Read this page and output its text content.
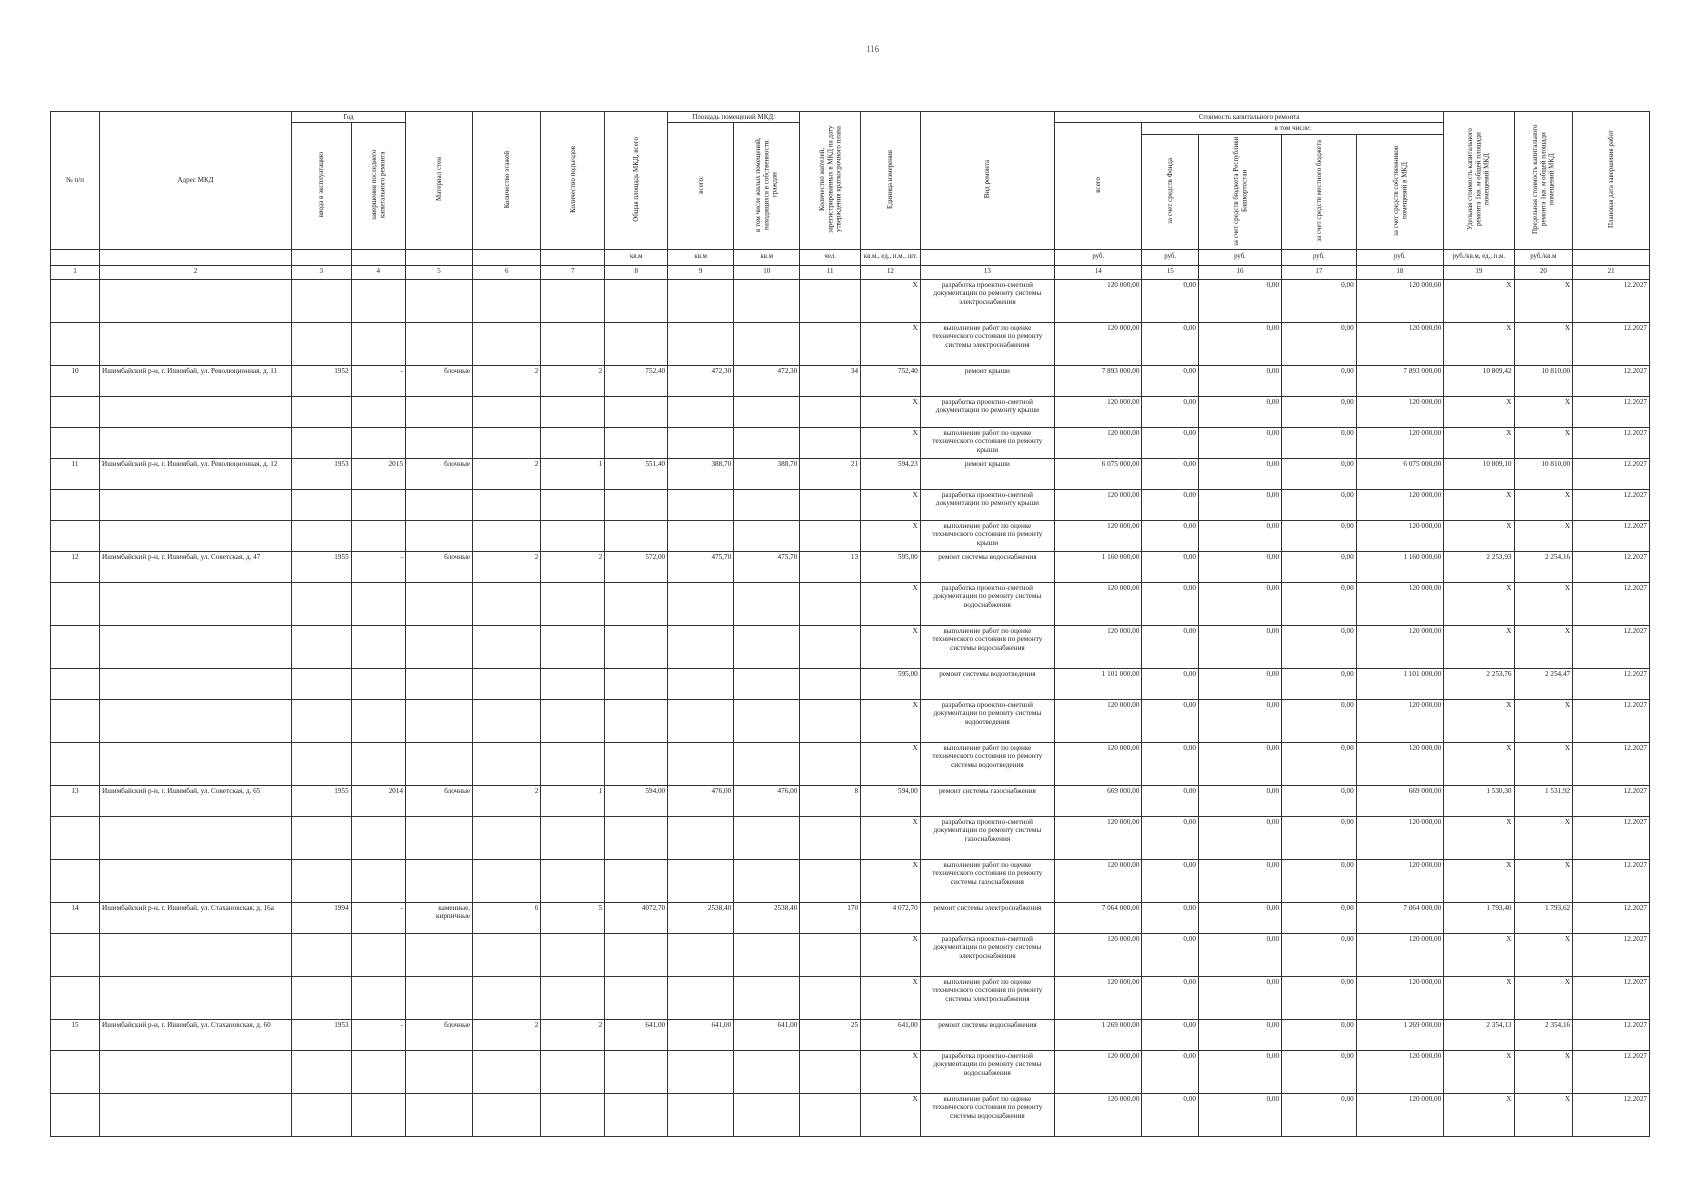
116
№ п/п	Адрес МКД	Год		Материал стен	Количество этажей	Количество подъездов	Общая площадь МКД, всего	Площадь помещений МКД:		Количество жителей, зарегистрированных в МКД на дату утверждения краткосрочного плана	Единица измерения	Вид ремонта	Стоимость капитального ремонта					Удельная стоимость капитального ремонта 1кв. м общей площади помещений МКД	Предельная стоимость капитального ремонта 1кв. м общей площади помещений МКД	Плановая дата завершения работ
		ввода в эксплуатацию	завершения последнего капитального ремонта					всего:	в том числе жилых помещений, находящихся в собственности граждан				всего	в том числе:						
														за счет средств Фонда	за счет средств бюджета Республики Башкортостан	за счет средств местного бюджета	за счет средств собственников помещений в МКД			
							кв.м	кв.м	кв.м	чел.	кв.м., ед., п.м., шт.		руб.	руб.	руб.	руб.	руб.	руб./кв.м, ед., п.м.	руб./кв.м	
1	2	3	4	5	6	7	8	9	10	11	12	13	14	15	16	17	18	19	20	21
											X	разработка проектно-сметной документации по ремонту системы электроснабжения	120 000,00	0,00	0,00	0,00	120 000,00	X	X	12.2027
											X	выполнение работ по оценке технического состояния по ремонту системы электроснабжения	120 000,00	0,00	0,00	0,00	120 000,00	X	X	12.2027
10	Ишимбайский р-н, г. Ишимбай, ул. Революционная, д. 11	1952	-	блочные	2	2	752,40	472,30	472,30	34	752,40	ремонт крыши	7 893 000,00	0,00	0,00	0,00	7 893 000,00	10 809,42	10 810,00	12.2027
											X	разработка проектно-сметной документации по ремонту крыши	120 000,00	0,00	0,00	0,00	120 000,00	X	X	12.2027
											X	выполнение работ по оценке технического состояния по ремонту крыши	120 000,00	0,00	0,00	0,00	120 000,00	X	X	12.2027
11	Ишимбайский р-н, г. Ишимбай, ул. Революционная, д. 12	1953	2015	блочные	2	1	551,40	388,70	388,70	21	594,23	ремонт крыши	6 075 000,00	0,00	0,00	0,00	6 075 000,00	10 809,10	10 810,00	12.2027
											X	разработка проектно-сметной документации по ремонту крыши	120 000,00	0,00	0,00	0,00	120 000,00	X	X	12.2027
											X	выполнение работ по оценке технического состояния по ремонту крыши	120 000,00	0,00	0,00	0,00	120 000,00	X	X	12.2027
12	Ишимбайский р-н, г. Ишимбай, ул. Советская, д. 47	1955	-	блочные	2	2	572,00	475,70	475,70	13	595,00	ремонт системы водоснабжения	1 160 000,00	0,00	0,00	0,00	1 160 000,00	2 253,93	2 254,16	12.2027
											X	разработка проектно-сметной документации по ремонту системы водоснабжения	120 000,00	0,00	0,00	0,00	120 000,00	X	X	12.2027
											X	выполнение работ по оценке технического состояния по ремонту системы водоснабжения	120 000,00	0,00	0,00	0,00	120 000,00	X	X	12.2027
											595,00	ремонт системы водоотведения	1 101 000,00	0,00	0,00	0,00	1 101 000,00	2 253,76	2 254,47	12.2027
											X	разработка проектно-сметной документации по ремонту системы водоотведения	120 000,00	0,00	0,00	0,00	120 000,00	X	X	12.2027
											X	выполнение работ по оценке технического состояния по ремонту системы водоотведения	120 000,00	0,00	0,00	0,00	120 000,00	X	X	12.2027
13	Ишимбайский р-н, г. Ишимбай, ул. Советская, д. 65	1955	2014	блочные	2	1	594,00	476,00	476,00	8	594,00	ремонт системы газоснабжения	669 000,00	0,00	0,00	0,00	669 000,00	1 530,30	1 531,92	12.2027
											X	разработка проектно-сметной документации по ремонту системы газоснабжения	120 000,00	0,00	0,00	0,00	120 000,00	X	X	12.2027
											X	выполнение работ по оценке технического состояния по ремонту системы газоснабжения	120 000,00	0,00	0,00	0,00	120 000,00	X	X	12.2027
14	Ишимбайский р-н, г. Ишимбай, ул. Стахановская, д. 16а	1994	-	каменные, кирпичные	6	5	4072,70	2538,40	2538,40	170	4 072,70	ремонт системы электроснабжения	7 064 000,00	0,00	0,00	0,00	7 064 000,00	1 793,40	1 793,62	12.2027
											X	разработка проектно-сметной документации по ремонту системы электроснабжения	120 000,00	0,00	0,00	0,00	120 000,00	X	X	12.2027
											X	выполнение работ по оценке технического состояния по ремонту системы электроснабжения	120 000,00	0,00	0,00	0,00	120 000,00	X	X	12.2027
15	Ишимбайский р-н, г. Ишимбай, ул. Стахановская, д. 60	1953	-	блочные	2	2	641,00	641,00	641,00	25	641,00	ремонт системы водоснабжения	1 269 000,00	0,00	0,00	0,00	1 269 000,00	2 354,13	2 354,16	12.2027
											X	разработка проектно-сметной документации по ремонту системы водоснабжения	120 000,00	0,00	0,00	0,00	120 000,00	X	X	12.2027
											X	выполнение работ по оценке технического состояния по ремонту системы водоснабжения	120 000,00	0,00	0,00	0,00	120 000,00	X	X	12.2027
